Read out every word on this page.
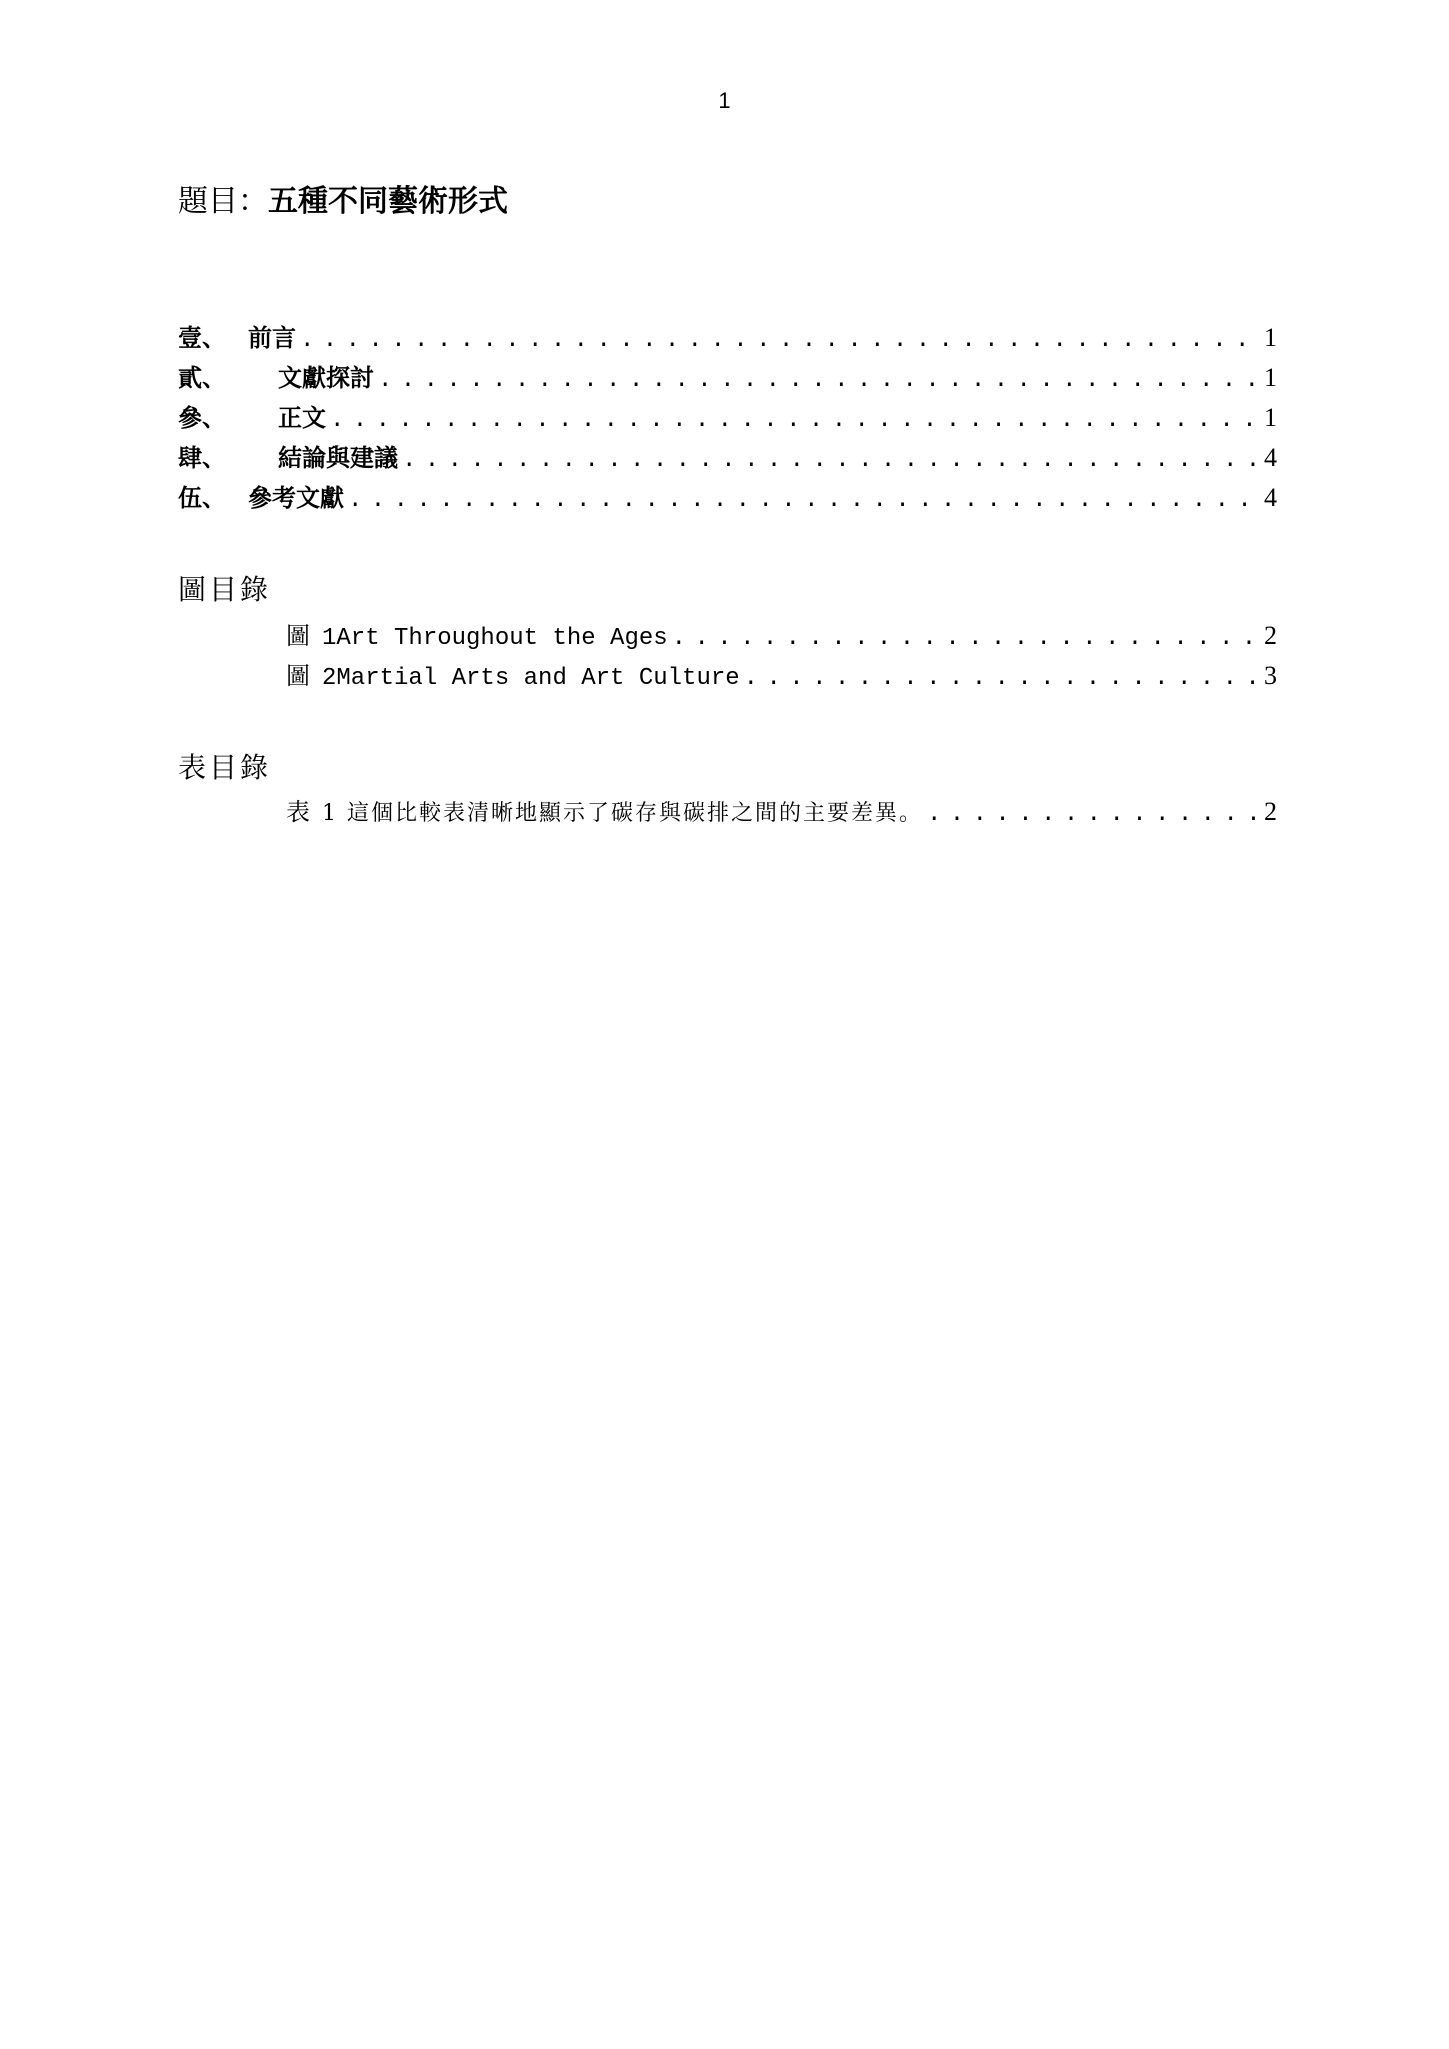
1
題目：五種不同藝術形式
壹、 前言 . . .	1
貳、 文獻探討 . . .	1
參、 正文 . . .	1
肆、 結論與建議 . . .	4
伍、 參考文獻 . . .	4
圖目錄
圖 1Art Throughout the Ages . . .	2
圖 2Martial Arts and Art Culture . . .	3
表目錄
表 1 這個比較表清晰地顯示了碳存與碳排之間的主要差異。 . . .	2
